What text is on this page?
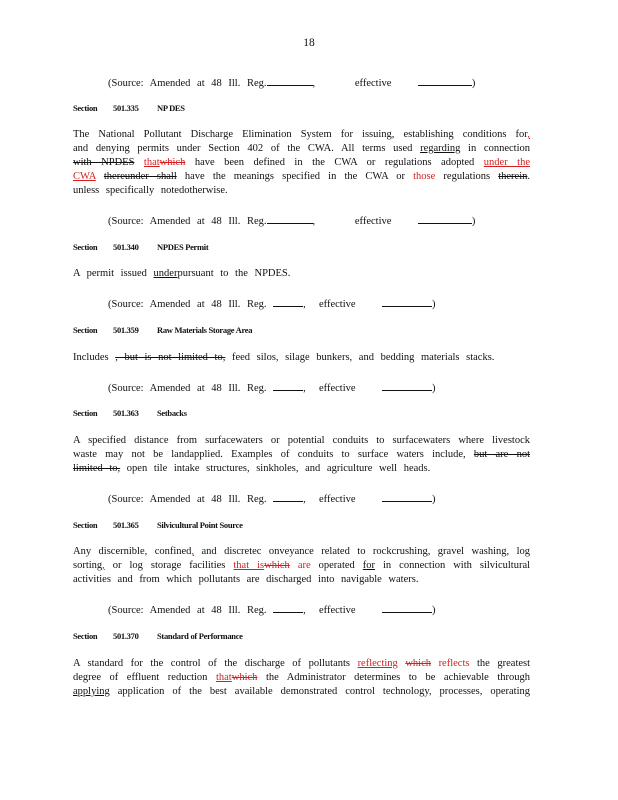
18
(Source: Amended at 48 Ill. Reg.	,      effective	)
Section 501.335 NP DES
The National Pollutant Discharge Elimination System for issuing, establishing conditions for,
and denying permits under Section 402 of the CWA. All terms used regarding in connection
with NPDES thatwhich have been defined in the CWA or regulations adopted under the
CWA thereunder shall have the meanings specified in the CWA or those regulations therein.
unless specifically notedotherwise.
(Source: Amended at 48 Ill. Reg.	,      effective	)
Section 501.340 NPDES Permit
A permit issued underpursuant to the NPDES.
(Source: Amended at 48 Ill. Reg.	,  effective	)
Section 501.359 Raw Materials Storage Area
Includes , but is not limited to, feed silos, silage bunkers, and bedding materials stacks.
(Source: Amended at 48 Ill. Reg.	,  effective	)
Section 501.363 Setbacks
A specified distance from surfacewaters or potential conduits to surfacewaters where livestock
waste may not be landapplied. Examples of conduits to surface waters include, but are not
limited to, open tile intake structures, sinkholes, and agriculture well heads.
(Source: Amended at 48 Ill. Reg.	,  effective	)
Section 501.365 Silvicultural Point Source
Any discernible, confined, and discretec onveyance related to rockcrushing, gravel washing, log
sorting, or log storage facilities that iswhich are operated for in connection with silvicultural
activities and from which pollutants are discharged into navigable waters.
(Source: Amended at 48 Ill. Reg.	,  effective	)
Section 501.370 Standard of Performance
A standard for the control of the discharge of pollutants reflecting which reflects the greatest
degree of effluent reduction thatwhich the Administrator determines to be achievable through
applying application of the best available demonstrated control technology, processes, operating
